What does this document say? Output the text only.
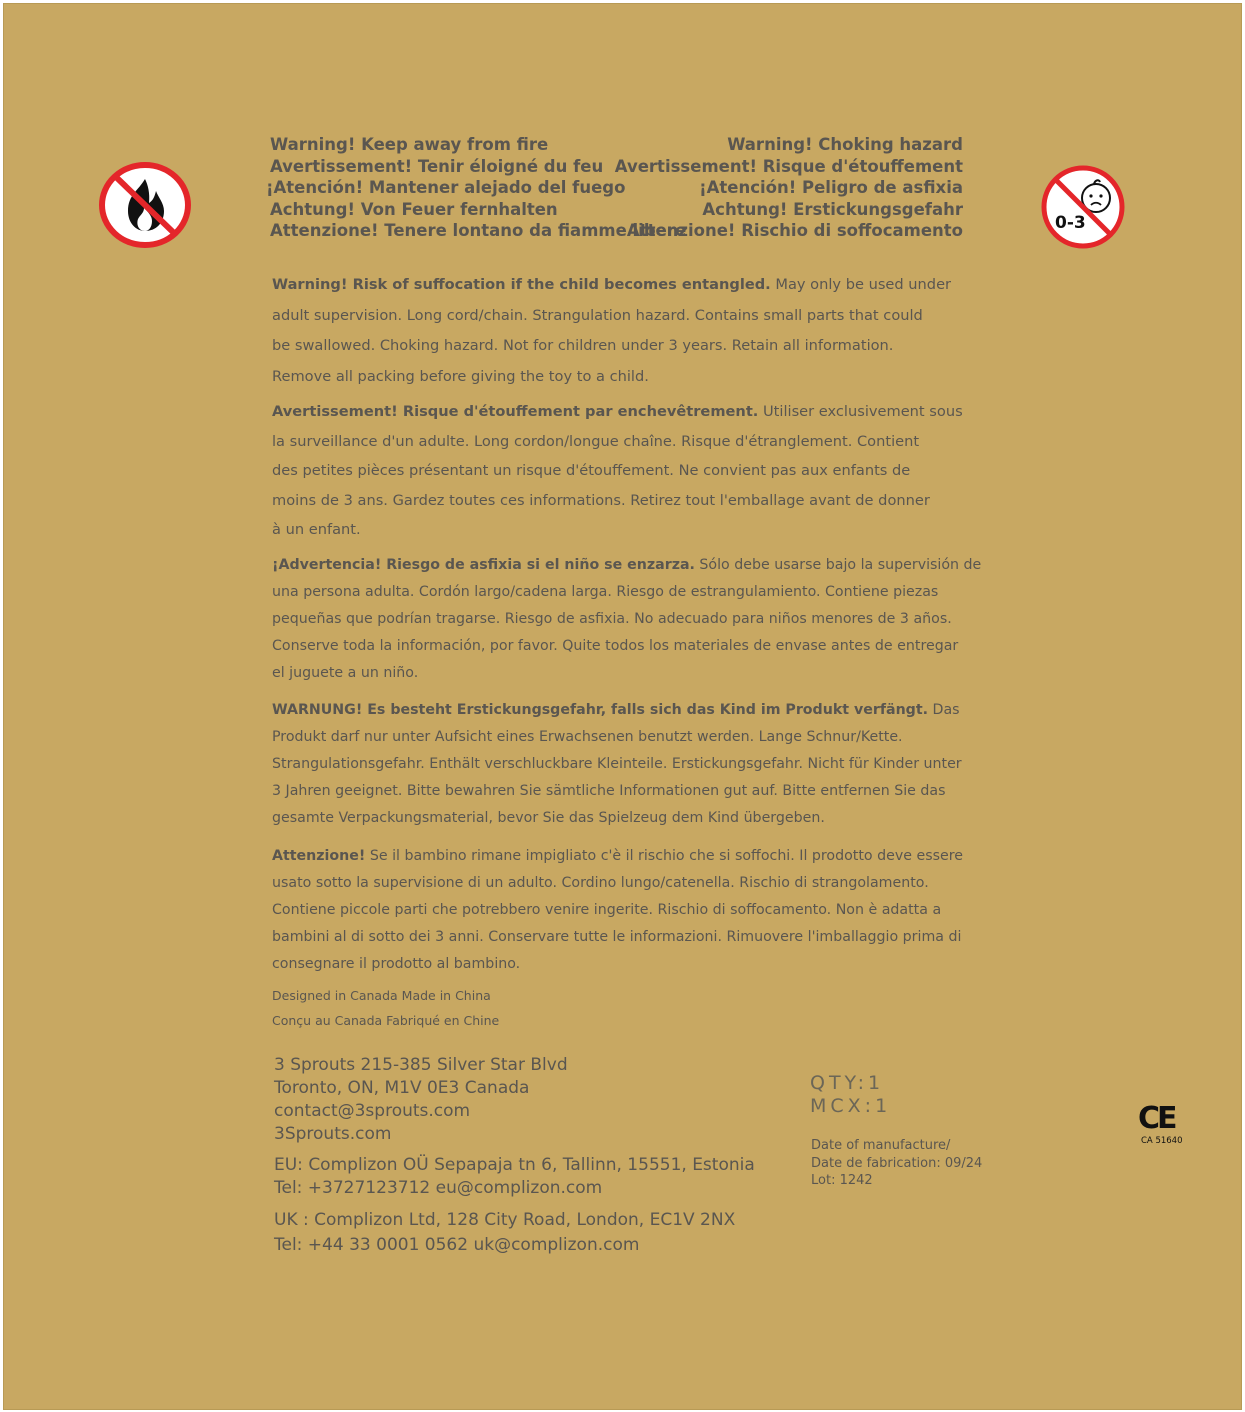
0-3
Warning! Keep away from fire
Avertissement! Tenir éloigné du feu
¡Atención! Mantener alejado del fuego
Achtung! Von Feuer fernhalten
Attenzione! Tenere lontano da fiamme libere
Warning! Choking hazard
Avertissement! Risque d'étouffement
¡Atención! Peligro de asfixia
Achtung! Erstickungsgefahr
Attenzione! Rischio di soffocamento
Warning! Risk of suffocation if the child becomes entangled. May only be used under
adult supervision. Long cord/chain. Strangulation hazard. Contains small parts that could
be swallowed. Choking hazard. Not for children under 3 years. Retain all information.
Remove all packing before giving the toy to a child.
Avertissement! Risque d'étouffement par enchevêtrement. Utiliser exclusivement sous
la surveillance d'un adulte. Long cordon/longue chaîne. Risque d'étranglement. Contient
des petites pièces présentant un risque d'étouffement. Ne convient pas aux enfants de
moins de 3 ans. Gardez toutes ces informations. Retirez tout l'emballage avant de donner
à un enfant.
¡Advertencia! Riesgo de asfixia si el niño se enzarza. Sólo debe usarse bajo la supervisión de
una persona adulta. Cordón largo/cadena larga. Riesgo de estrangulamiento. Contiene piezas
pequeñas que podrían tragarse. Riesgo de asfixia. No adecuado para niños menores de 3 años.
Conserve toda la información, por favor. Quite todos los materiales de envase antes de entregar
el juguete a un niño.
WARNUNG! Es besteht Erstickungsgefahr, falls sich das Kind im Produkt verfängt. Das
Produkt darf nur unter Aufsicht eines Erwachsenen benutzt werden. Lange Schnur/Kette.
Strangulationsgefahr. Enthält verschluckbare Kleinteile. Erstickungsgefahr. Nicht für Kinder unter
3 Jahren geeignet. Bitte bewahren Sie sämtliche Informationen gut auf. Bitte entfernen Sie das
gesamte Verpackungsmaterial, bevor Sie das Spielzeug dem Kind übergeben.
Attenzione! Se il bambino rimane impigliato c'è il rischio che si soffochi. Il prodotto deve essere
usato sotto la supervisione di un adulto. Cordino lungo/catenella. Rischio di strangolamento.
Contiene piccole parti che potrebbero venire ingerite. Rischio di soffocamento. Non è adatta a
bambini al di sotto dei 3 anni. Conservare tutte le informazioni. Rimuovere l'imballaggio prima di
consegnare il prodotto al bambino.
Designed in Canada Made in China
Conçu au Canada Fabriqué en Chine
3 Sprouts 215-385 Silver Star Blvd
Toronto, ON, M1V 0E3 Canada
contact@3sprouts.com
3Sprouts.com
EU: Complizon OÜ Sepapaja tn 6, Tallinn, 15551, Estonia
Tel: +3727123712 eu@complizon.com
UK : Complizon Ltd, 128 City Road, London, EC1V 2NX
Tel: +44 33 0001 0562 uk@complizon.com
QTY:1
MCX:1
Date of manufacture/
Date de fabrication: 09/24
Lot: 1242
CE
CA 51640
